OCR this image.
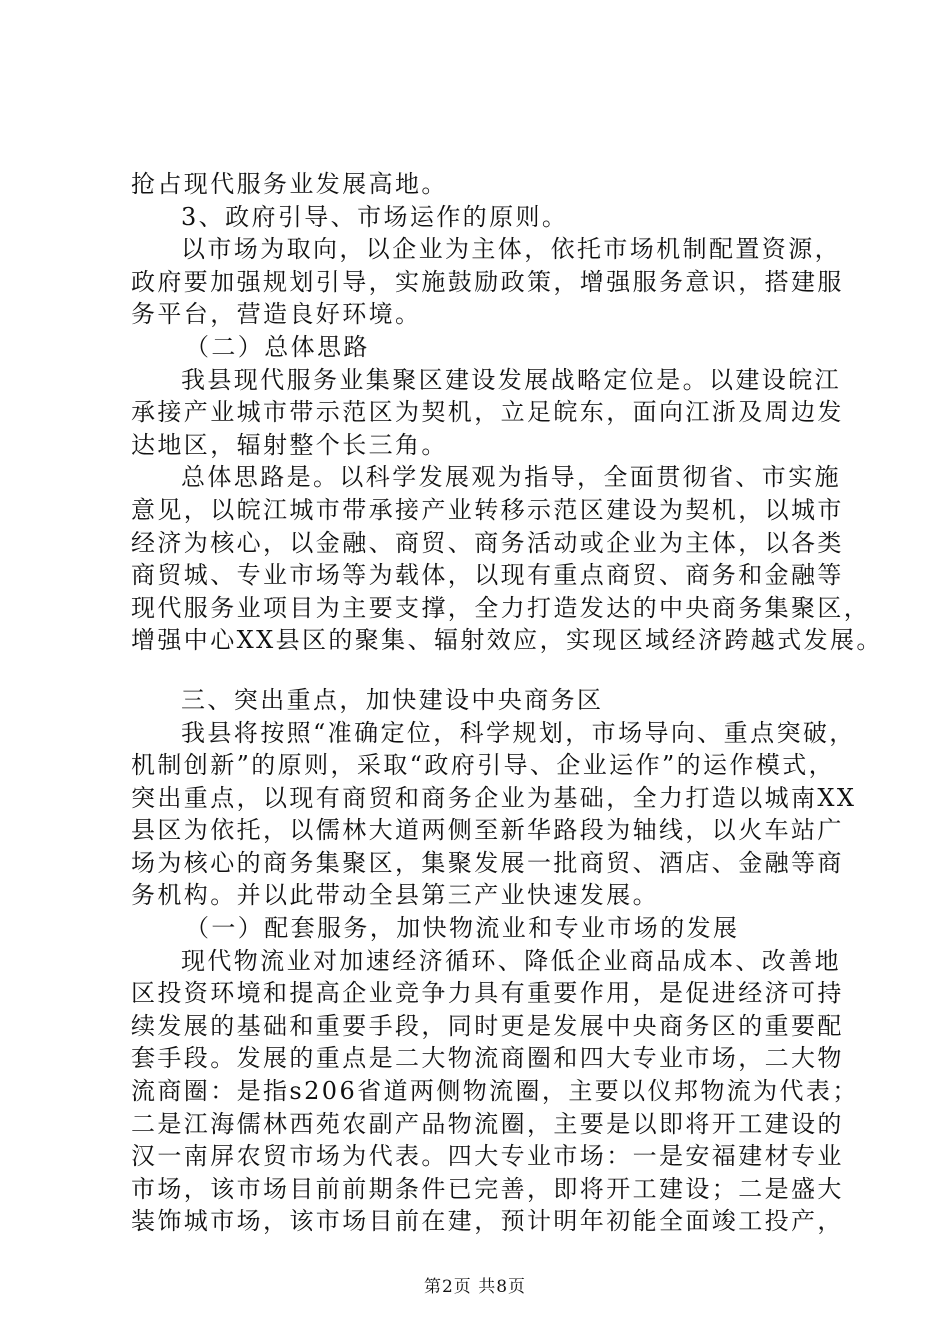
抢占现代服务业发展高地。
3、政府引导、市场运作的原则。
以市场为取向，以企业为主体，依托市场机制配置资源，
政府要加强规划引导，实施鼓励政策，增强服务意识，搭建服
务平台，营造良好环境。
（二）总体思路
我县现代服务业集聚区建设发展战略定位是。以建设皖江
承接产业城市带示范区为契机，立足皖东，面向江浙及周边发
达地区，辐射整个长三角。
总体思路是。以科学发展观为指导，全面贯彻省、市实施
意见，以皖江城市带承接产业转移示范区建设为契机，以城市
经济为核心，以金融、商贸、商务活动或企业为主体，以各类
商贸城、专业市场等为载体，以现有重点商贸、商务和金融等
现代服务业项目为主要支撑，全力打造发达的中央商务集聚区，
增强中心XX县区的聚集、辐射效应，实现区域经济跨越式发展。
三、突出重点，加快建设中央商务区
我县将按照“准确定位，科学规划，市场导向、重点突破，
机制创新”的原则，采取“政府引导、企业运作”的运作模式，
突出重点，以现有商贸和商务企业为基础，全力打造以城南XX
县区为依托，以儒林大道两侧至新华路段为轴线，以火车站广
场为核心的商务集聚区，集聚发展一批商贸、酒店、金融等商
务机构。并以此带动全县第三产业快速发展。
（一）配套服务，加快物流业和专业市场的发展
现代物流业对加速经济循环、降低企业商品成本、改善地
区投资环境和提高企业竞争力具有重要作用，是促进经济可持
续发展的基础和重要手段，同时更是发展中央商务区的重要配
套手段。发展的重点是二大物流商圈和四大专业市场，二大物
流商圈：是指s206省道两侧物流圈，主要以仪邦物流为代表；
二是江海儒林西苑农副产品物流圈，主要是以即将开工建设的
汉一南屏农贸市场为代表。四大专业市场：一是安福建材专业
市场，该市场目前前期条件已完善，即将开工建设；二是盛大
装饰城市场，该市场目前在建，预计明年初能全面竣工投产，
第2页 共8页
